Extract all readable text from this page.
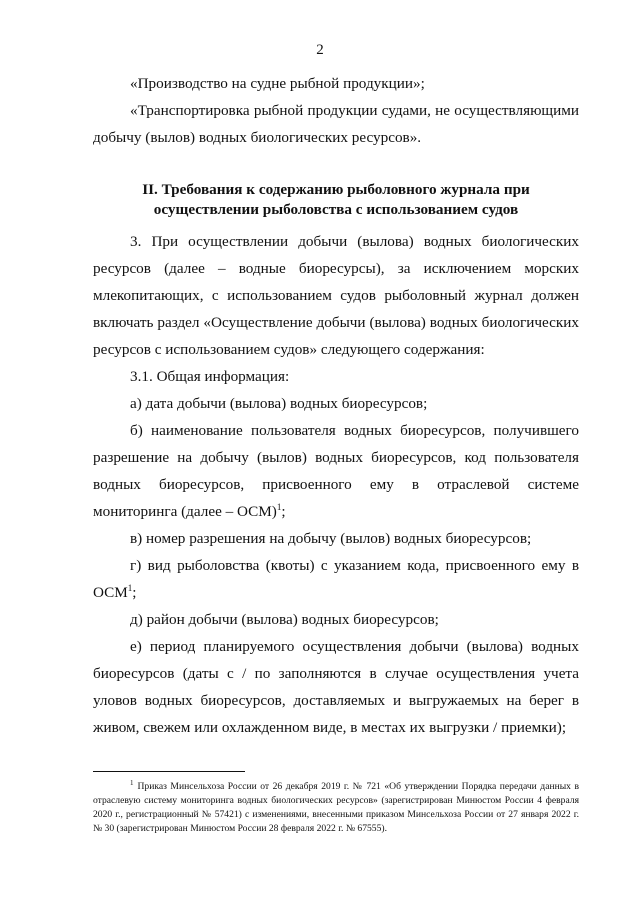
2

«Производство на судне рыбной продукции»;

«Транспортировка рыбной продукции судами, не осуществляющими добычу (вылов) водных биологических ресурсов».

II. Требования к содержанию рыболовного журнала при
осуществлении рыболовства с использованием судов

3. При осуществлении добычи (вылова) водных биологических ресурсов (далее – водные биоресурсы), за исключением морских млекопитающих, с использованием судов рыболовный журнал должен включать раздел «Осуществление добычи (вылова) водных биологических ресурсов с использованием судов» следующего содержания:

3.1. Общая информация:

а) дата добычи (вылова) водных биоресурсов;

б) наименование пользователя водных биоресурсов, получившего разрешение на добычу (вылов) водных биоресурсов, код пользователя водных биоресурсов, присвоенного ему в отраслевой системе мониторинга (далее – ОСМ)$^1$;

в) номер разрешения на добычу (вылов) водных биоресурсов;

г) вид рыболовства (квоты) с указанием кода, присвоенного ему в ОСМ$^1$;

д) район добычи (вылова) водных биоресурсов;

е) период планируемого осуществления добычи (вылова) водных биоресурсов (даты с / по заполняются в случае осуществления учета уловов водных биоресурсов, доставляемых и выгружаемых на берег в живом, свежем или охлажденном виде, в местах их выгрузки / приемки);

$^1$ Приказ Минсельхоза России от 26 декабря 2019 г. № 721 «Об утверждении Порядка передачи данных в отраслевую систему мониторинга водных биологических ресурсов» (зарегистрирован Минюстом России 4 февраля 2020 г., регистрационный № 57421) с изменениями, внесенными приказом Минсельхоза России от 27 января 2022 г. № 30 (зарегистрирован Минюстом России 28 февраля 2022 г. № 67555).
